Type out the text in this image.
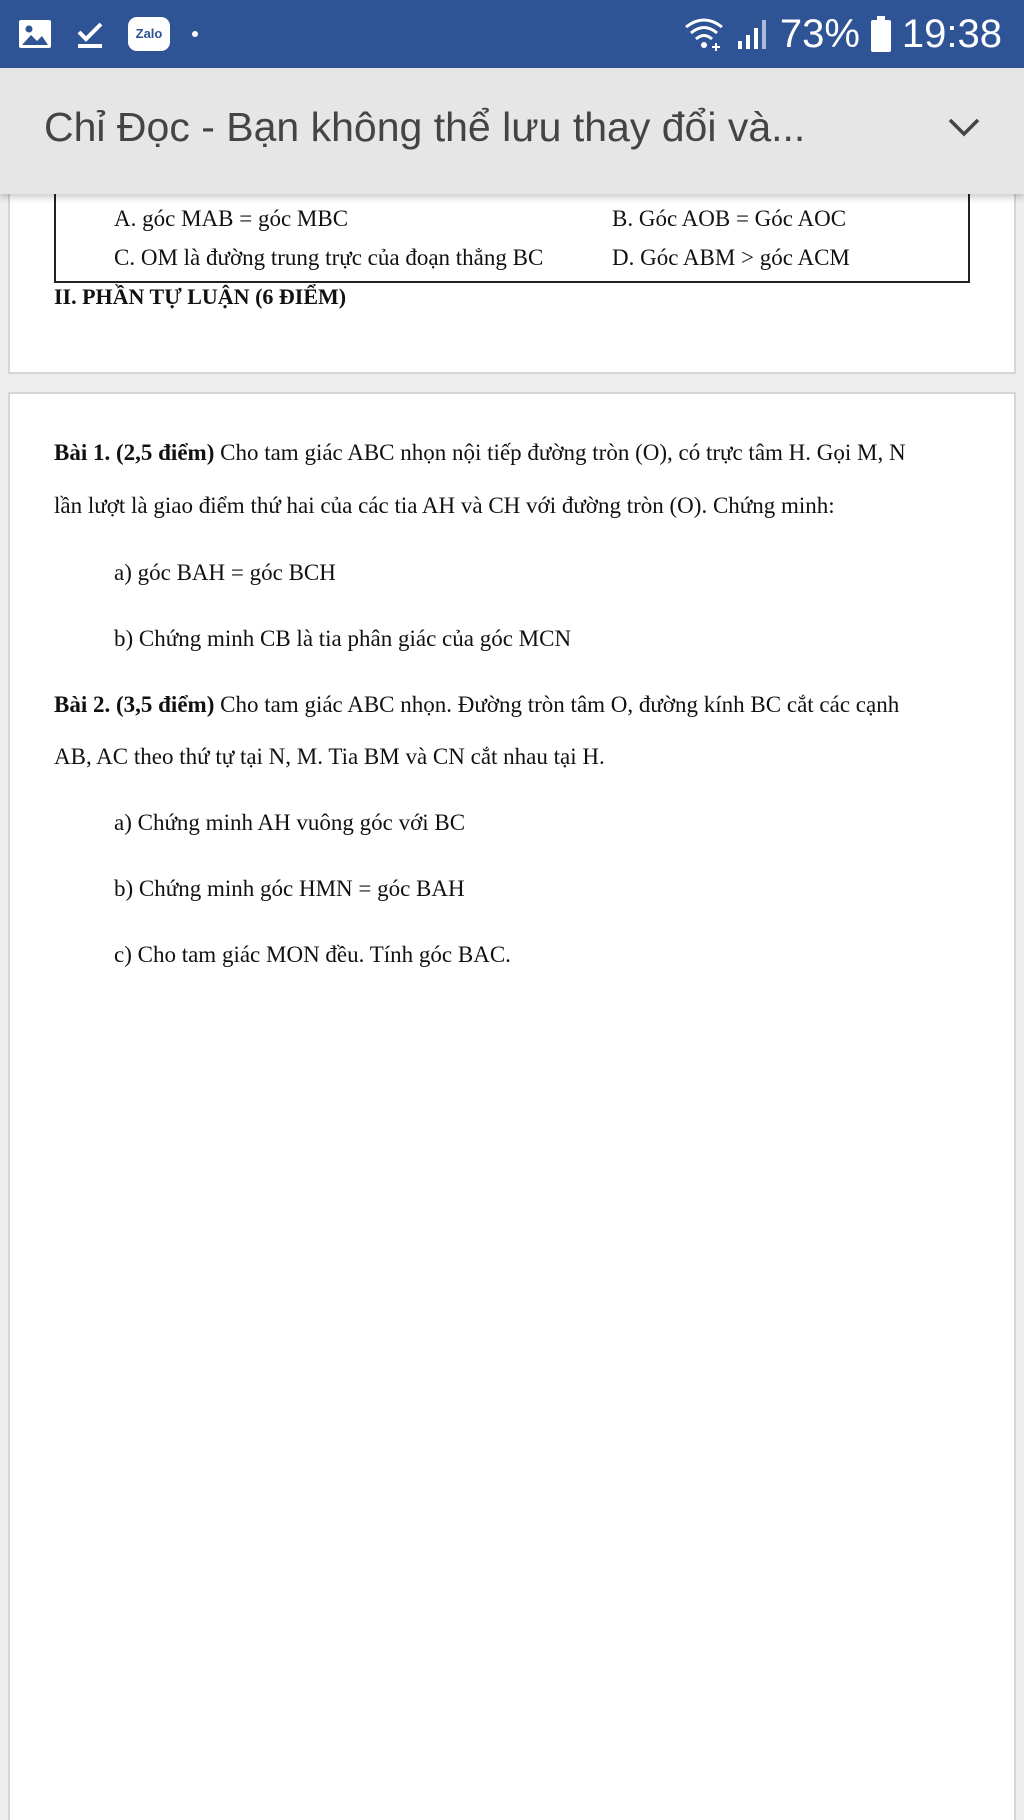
Zalo	73% 19:38
Chỉ Đọc - Bạn không thể lưu thay đổi và...
A. góc MAB = góc MBC	B. Góc AOB = Góc AOC
C. OM là đường trung trực của đoạn thẳng BC	D. Góc ABM > góc ACM
II. PHẦN TỰ LUẬN (6 ĐIỂM)
Bài 1. (2,5 điểm) Cho tam giác ABC nhọn nội tiếp đường tròn (O), có trực tâm H. Gọi M, N
lần lượt là giao điểm thứ hai của các tia AH và CH với đường tròn (O). Chứng minh:
a) góc BAH = góc BCH
b) Chứng minh CB là tia phân giác của góc MCN
Bài 2. (3,5 điểm) Cho tam giác ABC nhọn. Đường tròn tâm O, đường kính BC cắt các cạnh
AB, AC theo thứ tự tại N, M. Tia BM và CN cắt nhau tại H.
a) Chứng minh AH vuông góc với BC
b) Chứng minh góc HMN = góc BAH
c) Cho tam giác MON đều. Tính góc BAC.
